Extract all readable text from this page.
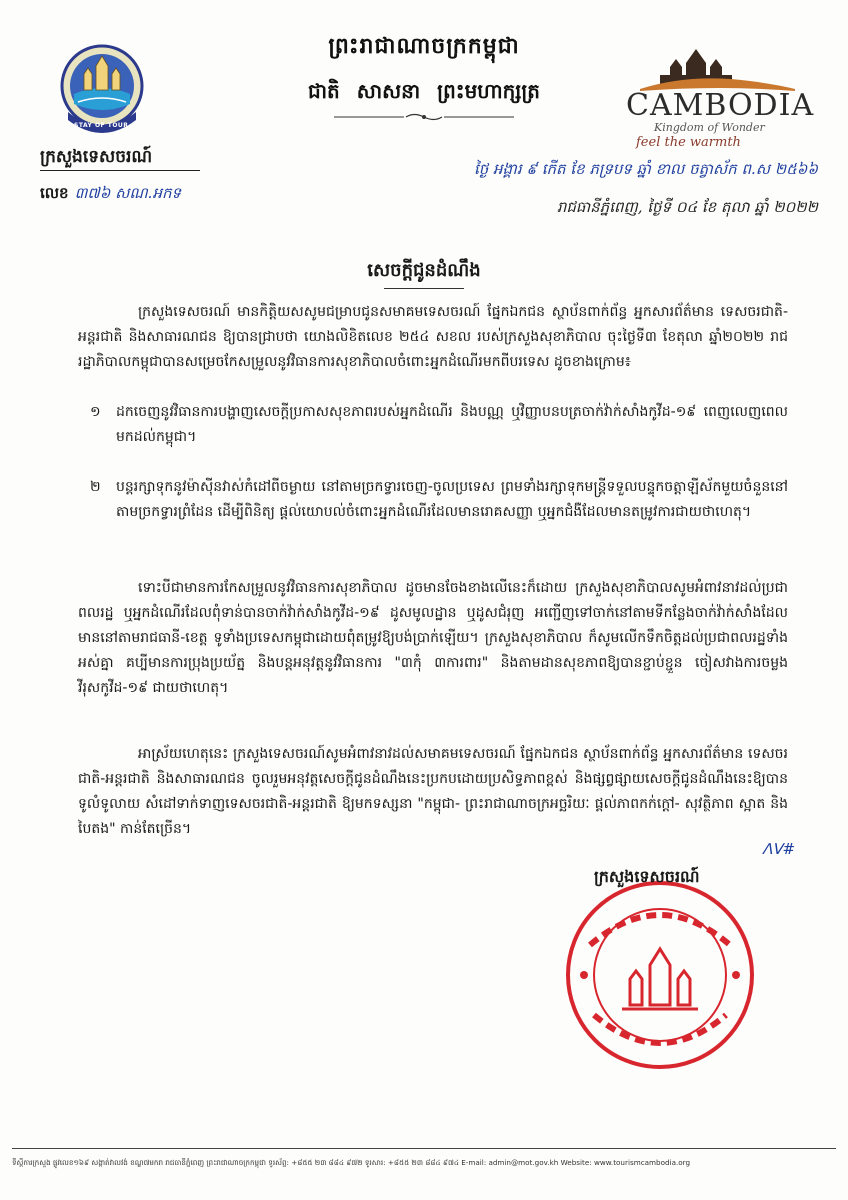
ព្រះរាជាណាចក្រកម្ពុជា
ជាតិ សាសនា ព្រះមហាក្សត្រ
STAY OF TOUR
CAMBODIA
Kingdom of Wonder
feel the warmth
ក្រសួងទេសចរណ៍
លេខ ៣៧៦ សណ.អកទ
ថ្ងៃ អង្គារ ៩ កើត ខែ ភទ្របទ ឆ្នាំ ខាល ចត្វាស័ក ព.ស ២៥៦៦
រាជធានីភ្នំពេញ, ថ្ងៃទី ០៤ ខែ តុលា ឆ្នាំ ២០២២
សេចក្តីជូនដំណឹង
ក្រសួងទេសចរណ៍ មានកិត្តិយសសូមជម្រាបជូនសមាគមទេសចរណ៍ ផ្នែកឯកជន ស្ថាប័នពាក់ព័ន្ធ អ្នកសារព័ត៌មាន ទេសចរជាតិ-អន្តរជាតិ និងសាធារណជន ឱ្យបានជ្រាបថា យោងលិខិតលេខ ២៥៤ សខល របស់ក្រសួងសុខាភិបាល ចុះថ្ងៃទី៣ ខែតុលា ឆ្នាំ២០២២ រាជរដ្ឋាភិបាលកម្ពុជាបានសម្រេចកែសម្រួលនូវវិធានការសុខាភិបាលចំពោះអ្នកដំណើរមកពីបរទេស ដូចខាងក្រោម៖
១ ដកចេញនូវវិធានការបង្ហាញសេចក្តីប្រកាសសុខភាពរបស់អ្នកដំណើរ និងបណ្ណ ឬវិញ្ញាបនបត្រចាក់វ៉ាក់សាំងកូវីដ-១៩ ពេញលេញពេលមកដល់កម្ពុជា។
២ បន្តរក្សាទុកនូវម៉ាស៊ីនវាស់កំដៅពីចម្ងាយ នៅតាមច្រកទ្វារចេញ-ចូលប្រទេស ព្រមទាំងរក្សាទុកមន្ត្រីទទួលបន្ទុកចត្តាឡីស័កមួយចំនួននៅតាមច្រកទ្វារព្រំដែន ដើម្បីពិនិត្យ ផ្តល់យោបល់ចំពោះអ្នកដំណើរដែលមានរោគសញ្ញា ឬអ្នកជំងឺដែលមានតម្រូវការជាយថាហេតុ។
ទោះបីជាមានការកែសម្រួលនូវវិធានការសុខាភិបាល ដូចមានចែងខាងលើនេះក៏ដោយ ក្រសួងសុខាភិបាលសូមអំពាវនាវដល់ប្រជាពលរដ្ឋ ឬអ្នកដំណើរដែលពុំទាន់បានចាក់វ៉ាក់សាំងកូវីដ-១៩ ដូសមូលដ្ឋាន ឬដូសជំរុញ អញ្ជើញទៅចាក់នៅតាមទីកន្លែងចាក់វ៉ាក់សាំងដែលមាននៅតាមរាជធានី-ខេត្ត ទូទាំងប្រទេសកម្ពុជាដោយពុំតម្រូវឱ្យបង់ប្រាក់ឡើយ។ ក្រសួងសុខាភិបាល ក៏សូមលើកទឹកចិត្តដល់ប្រជាពលរដ្ឋទាំងអស់គ្នា គប្បីមានការប្រុងប្រយ័ត្ន និងបន្តអនុវត្តនូវវិធានការ "៣កុំ ៣ការពារ" និងតាមដានសុខភាពឱ្យបានខ្ជាប់ខ្ជួន ចៀសវាងការចម្លងវីរុសកូវីដ-១៩ ជាយថាហេតុ។
អាស្រ័យហេតុនេះ ក្រសួងទេសចរណ៍សូមអំពាវនាវដល់សមាគមទេសចរណ៍ ផ្នែកឯកជន ស្ថាប័នពាក់ព័ន្ធ អ្នកសារព័ត៌មាន ទេសចរជាតិ-អន្តរជាតិ និងសាធារណជន ចូលរួមអនុវត្តសេចក្តីជូនដំណឹងនេះប្រកបដោយប្រសិទ្ធភាពខ្ពស់ និងផ្សព្វផ្សាយសេចក្តីជូនដំណឹងនេះឱ្យបានទូលំទូលាយ សំដៅទាក់ទាញទេសចរជាតិ-អន្តរជាតិ ឱ្យមកទស្សនា "កម្ពុជា- ព្រះរាជាណាចក្រអច្ឆរិយៈ ផ្តល់ភាពកក់ក្តៅ- សុវត្ថិភាព ស្អាត និងបៃតង" កាន់តែច្រើន។
ꓥꓦ#
ក្រសួងទេសចរណ៍
ទីស្តីការក្រសួង ផ្លូវលេខ១៦៩ សង្កាត់វាលវង់ ខណ្ឌ៧មករា រាជធានីភ្នំពេញ ព្រះរាជាណាចក្រកម្ពុជា ទូរស័ព្ទ: +៨៥៥ ២៣ ៨៨៤ ៩៧២ ទូរសារ: +៨៥៥ ២៣ ៨៨៤ ៩៧៤ E-mail: admin@mot.gov.kh Website: www.tourismcambodia.org
